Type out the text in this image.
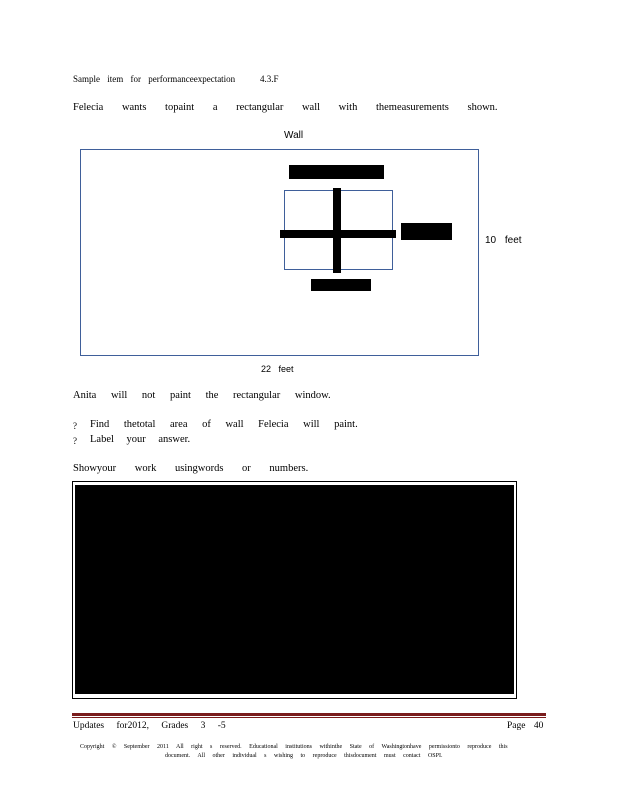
Sample item for performanceexpectation	4.3.F
Felecia wants topaint a rectangular wall with themeasurements shown.
Wall
10 feet
22 feet
Anita will not paint the rectangular window.
? Find thetotal area of wall Felecia will paint.
? Label your answer.
Showyour work usingwords or numbers.
Updates for2012, Grades 3 -5	Page 40
Copyright © September 2011 All right s reserved. Educational institutions withinthe State of Washingtonhave permissionto reproduce this
document. All other individual s wishing to reproduce thisdocument must contact OSPI.
